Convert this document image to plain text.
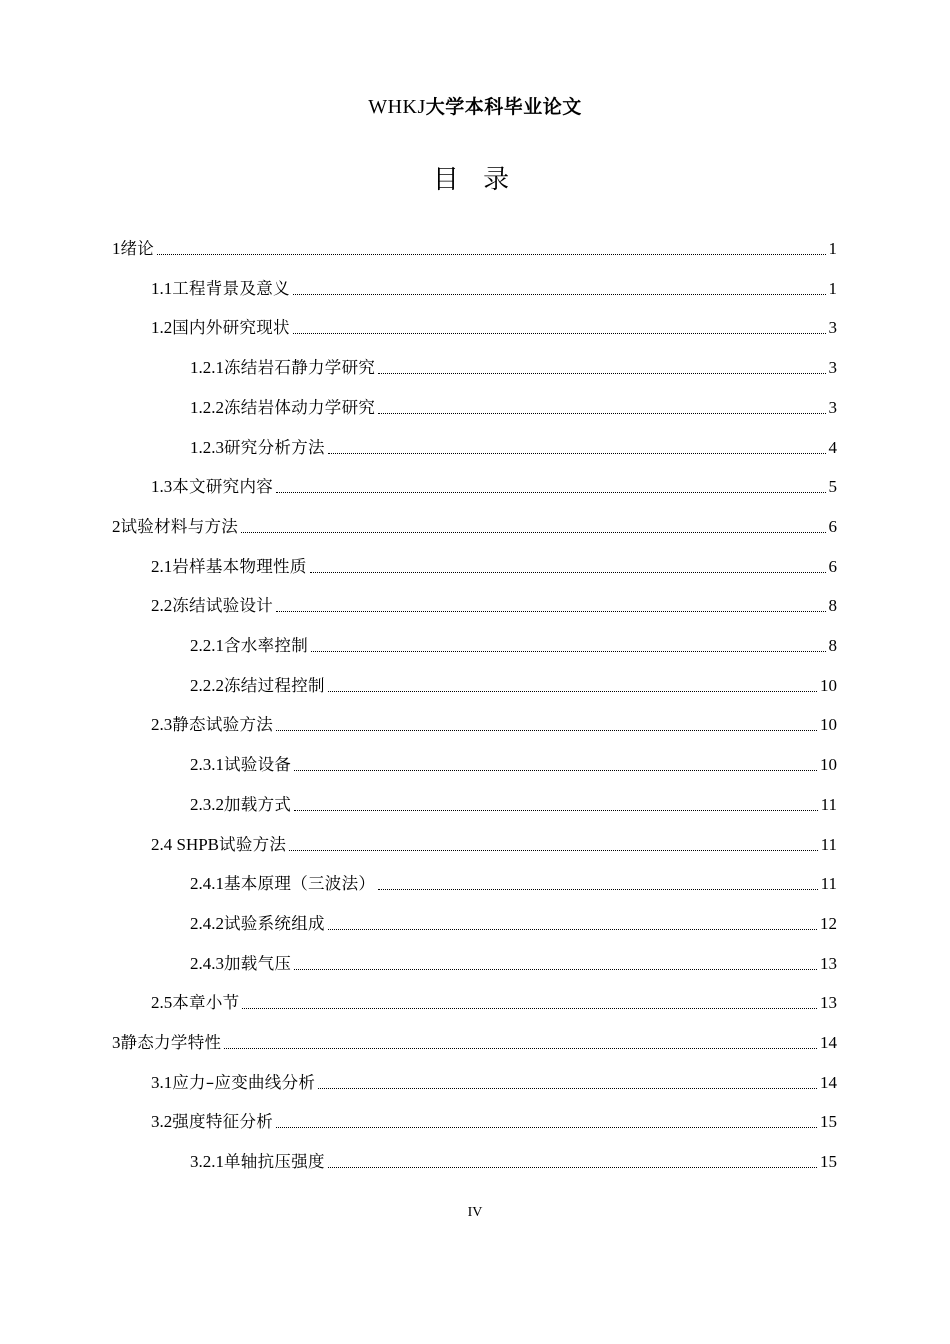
WHKJ大学本科毕业论文
目 录
1 绪论	1
1.1 工程背景及意义	1
1.2 国内外研究现状	3
1.2.1 冻结岩石静力学研究	3
1.2.2 冻结岩体动力学研究	3
1.2.3 研究分析方法	4
1.3 本文研究内容	5
2 试验材料与方法	6
2.1 岩样基本物理性质	6
2.2 冻结试验设计	8
2.2.1 含水率控制	8
2.2.2 冻结过程控制	10
2.3 静态试验方法	10
2.3.1 试验设备	10
2.3.2 加载方式	11
2.4 SHPB 试验方法	11
2.4.1 基本原理（三波法）	11
2.4.2 试验系统组成	12
2.4.3 加载气压	13
2.5 本章小节	13
3 静态力学特性	14
3.1 应力–应变曲线分析	14
3.2 强度特征分析	15
3.2.1 单轴抗压强度	15
IV
